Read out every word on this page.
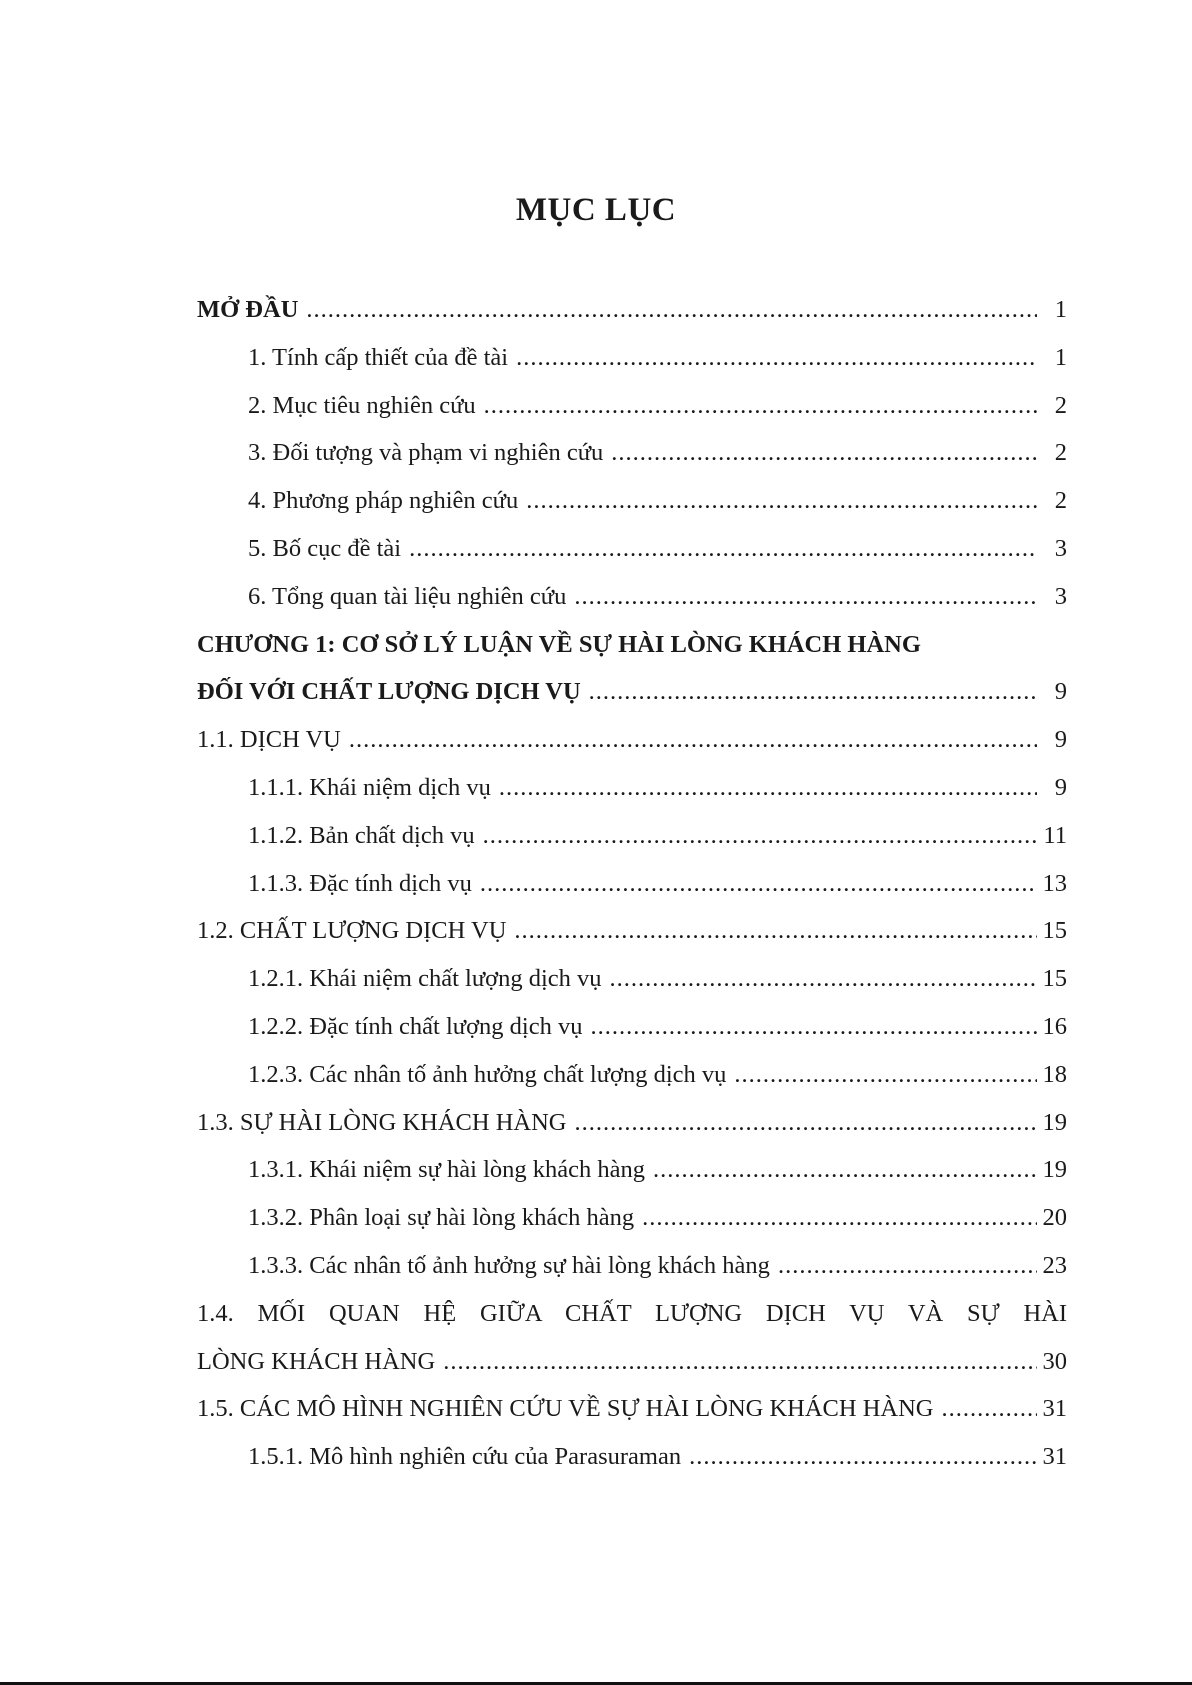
MỤC LỤC
MỞ ĐẦU .....	1
1. Tính cấp thiết của đề tài .....	1
2. Mục tiêu nghiên cứu .....	2
3. Đối tượng và phạm vi nghiên cứu .....	2
4. Phương pháp nghiên cứu .....	2
5. Bố cục đề tài .....	3
6. Tổng quan tài liệu nghiên cứu .....	3
CHƯƠNG 1: CƠ SỞ LÝ LUẬN VỀ SỰ HÀI LÒNG KHÁCH HÀNG
ĐỐI VỚI CHẤT LƯỢNG DỊCH VỤ .....	9
1.1. DỊCH VỤ .....	9
1.1.1. Khái niệm dịch vụ .....	9
1.1.2. Bản chất dịch vụ .....	11
1.1.3. Đặc tính dịch vụ .....	13
1.2. CHẤT LƯỢNG DỊCH VỤ .....	15
1.2.1. Khái niệm chất lượng dịch vụ .....	15
1.2.2. Đặc tính chất lượng dịch vụ .....	16
1.2.3. Các nhân tố ảnh hưởng chất lượng dịch vụ .....	18
1.3. SỰ HÀI LÒNG KHÁCH HÀNG .....	19
1.3.1. Khái niệm sự hài lòng khách hàng .....	19
1.3.2. Phân loại sự hài lòng khách hàng .....	20
1.3.3. Các nhân tố ảnh hưởng sự hài lòng khách hàng .....	23
1.4. MỐI QUAN HỆ GIỮA CHẤT LƯỢNG DỊCH VỤ VÀ SỰ HÀI
LÒNG KHÁCH HÀNG .....	30
1.5. CÁC MÔ HÌNH NGHIÊN CỨU VỀ SỰ HÀI LÒNG KHÁCH HÀNG .....	31
1.5.1. Mô hình nghiên cứu của Parasuraman .....	31
